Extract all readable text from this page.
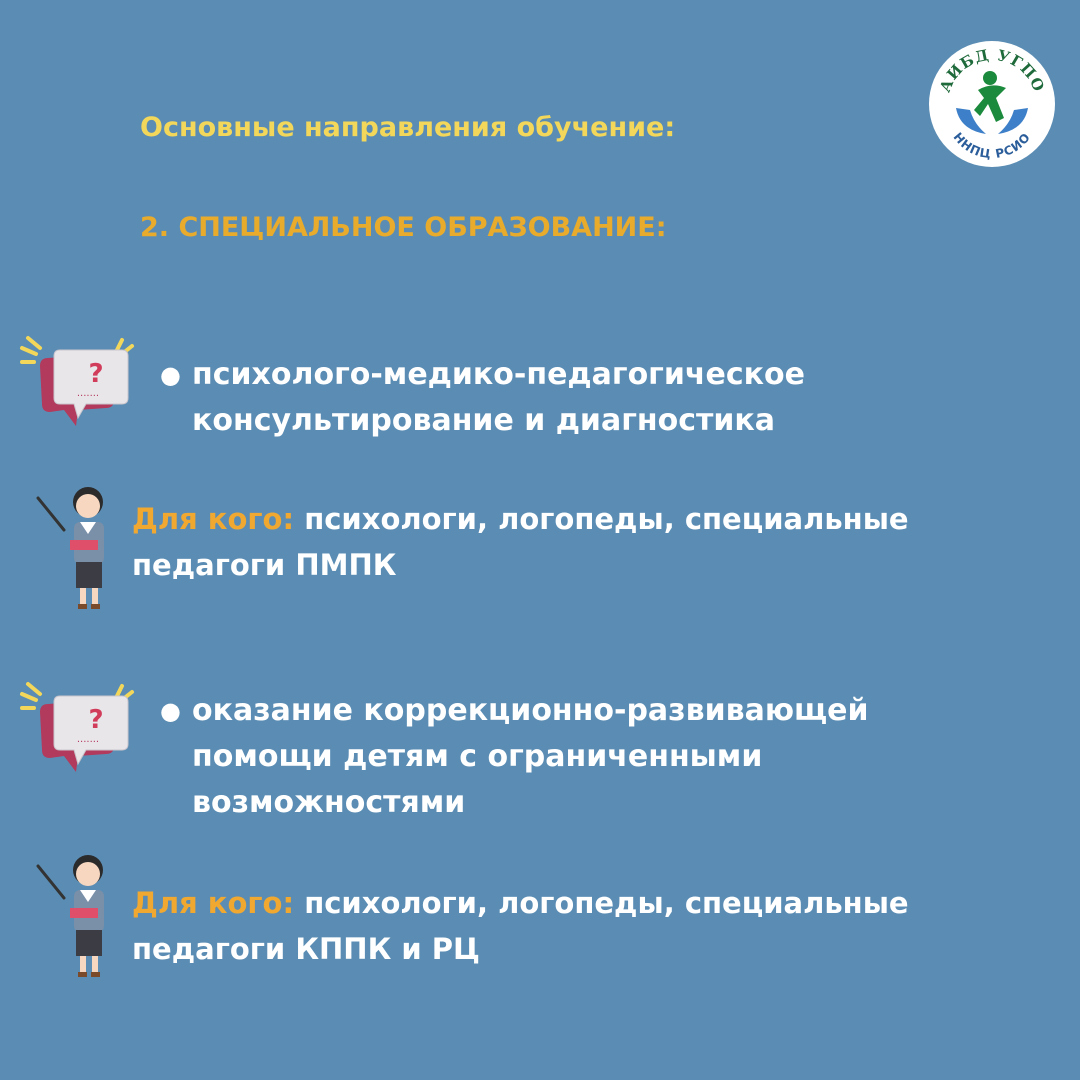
АИБД УГПО
ННПЦ РСИО
Основные направления обучение:
2. СПЕЦИАЛЬНОЕ ОБРАЗОВАНИЕ:
?
.......
● психолого-медико-педагогическое
консультирование и диагностика
Для кого: психологи, логопеды, специальные
педагоги ПМПК
?
.......
● оказание коррекционно-развивающей
помощи детям с ограниченными
возможностями
Для кого: психологи, логопеды, специальные
педагоги КППК и РЦ
